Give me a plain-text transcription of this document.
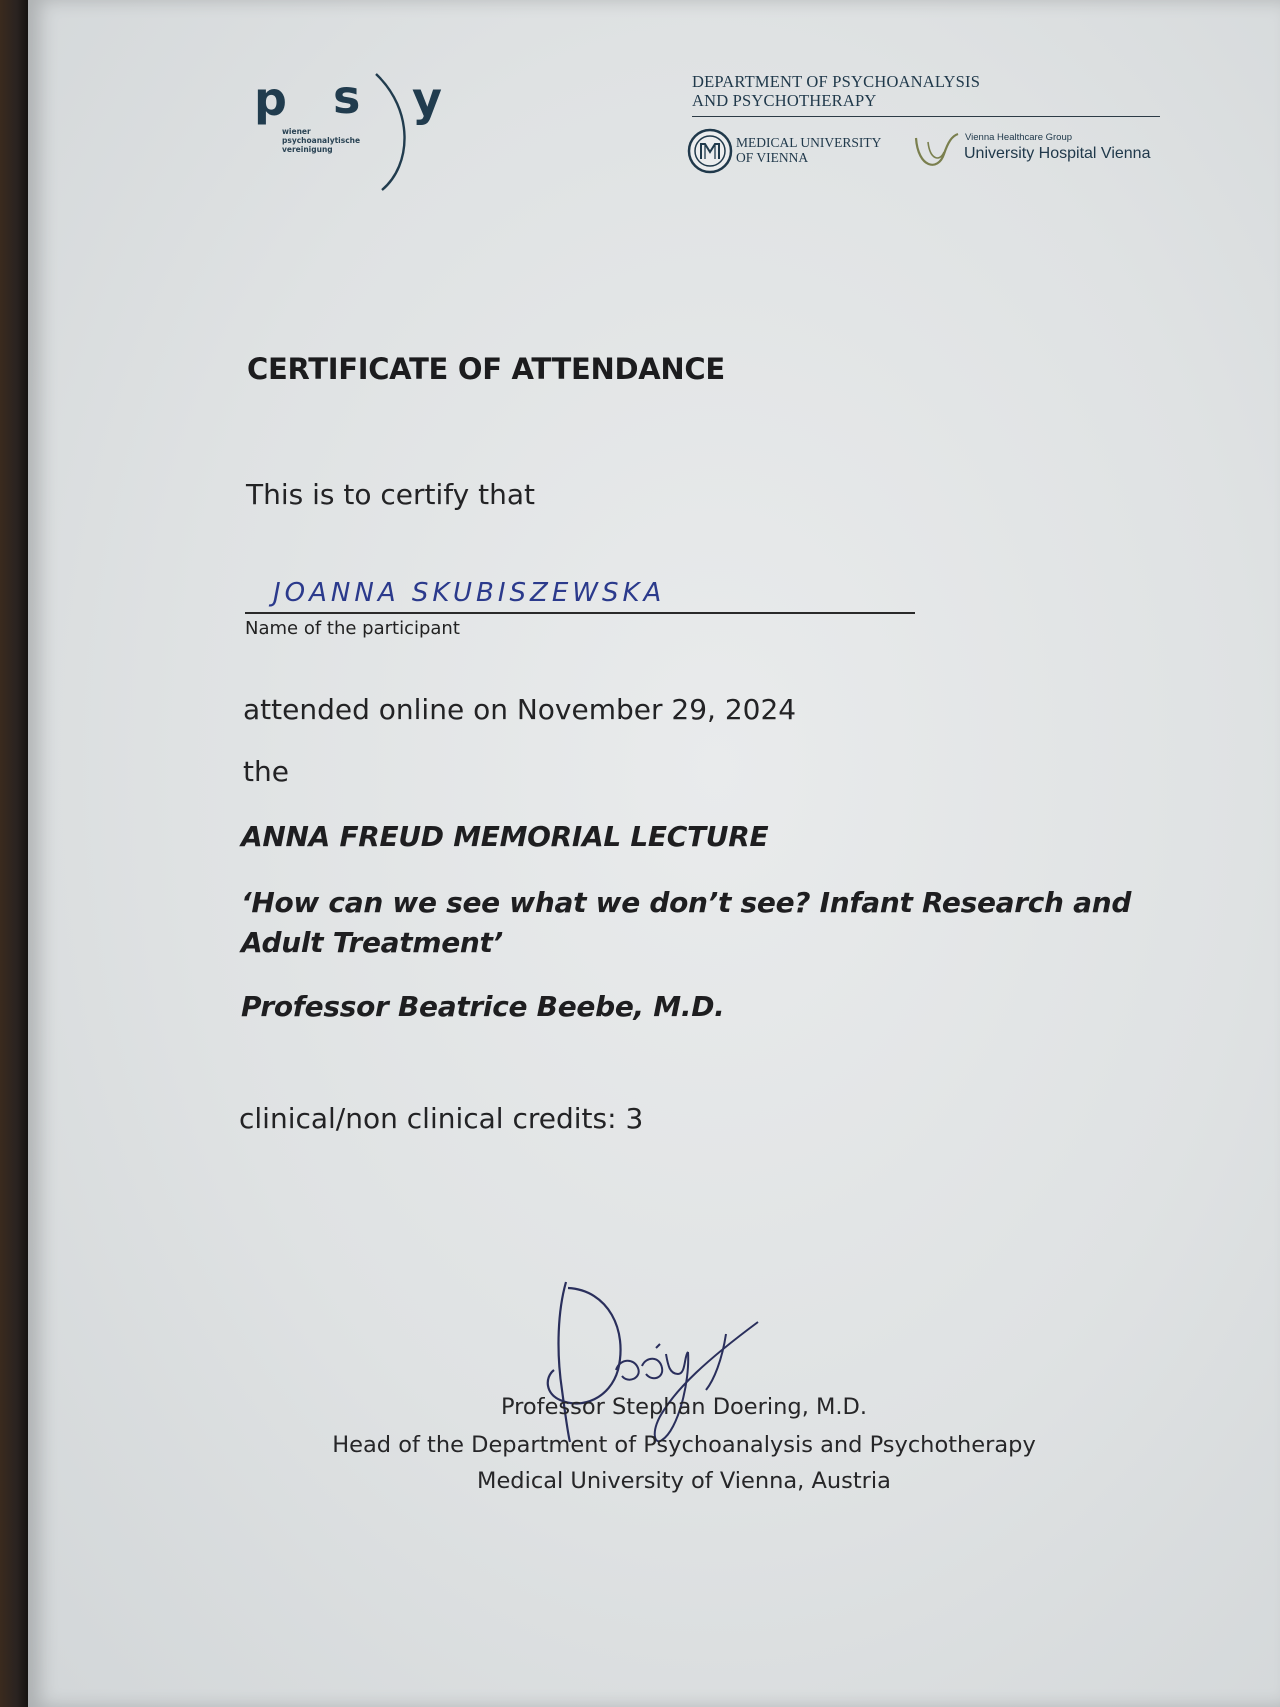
p s y
wiener
psychoanalytische
vereinigung
DEPARTMENT OF PSYCHOANALYSIS
AND PSYCHOTHERAPY
MEDICAL UNIVERSITY
OF VIENNA
Vienna Healthcare Group
University Hospital Vienna
CERTIFICATE OF ATTENDANCE
This is to certify that
JOANNA SKUBISZEWSKA
Name of the participant
attended online on November 29, 2024
the
ANNA FREUD MEMORIAL LECTURE
‘How can we see what we don’t see? Infant Research and
Adult Treatment’
Professor Beatrice Beebe, M.D.
clinical/non clinical credits: 3
Professor Stephan Doering, M.D.
Head of the Department of Psychoanalysis and Psychotherapy
Medical University of Vienna, Austria
